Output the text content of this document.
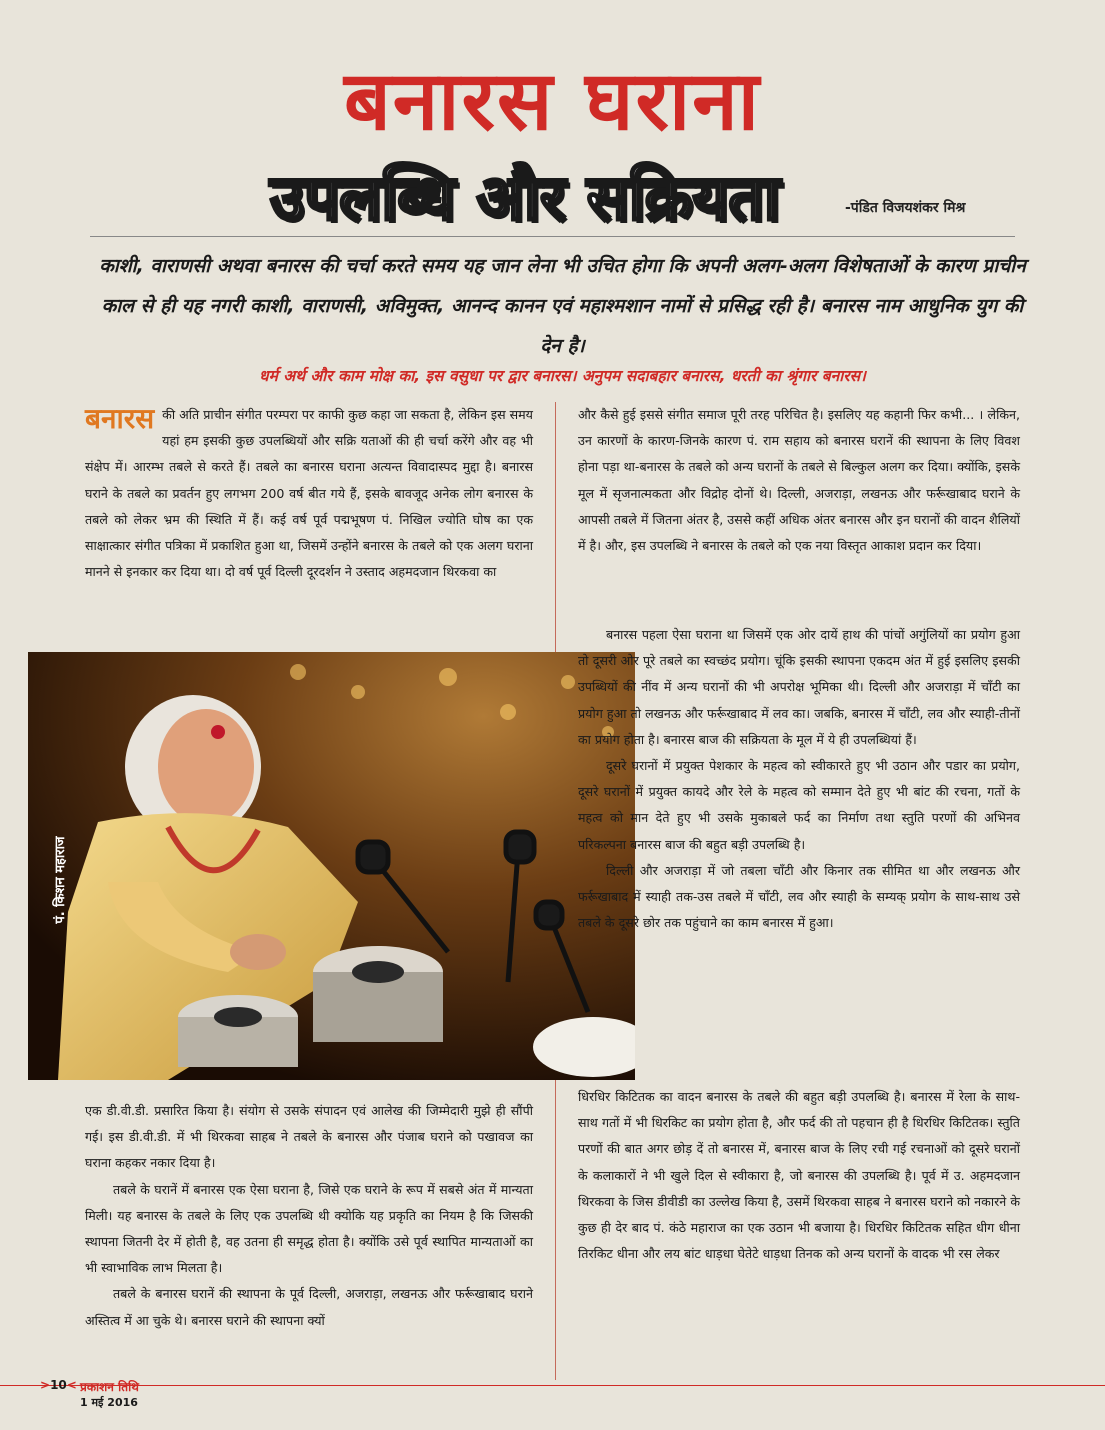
बनारस घराना
उपलब्धि और सक्रियता	-पंडित विजयशंकर मिश्र
काशी, वाराणसी अथवा बनारस की चर्चा करते समय यह जान लेना भी उचित होगा कि अपनी अलग-अलग विशेषताओं के कारण प्राचीन काल से ही यह नगरी काशी, वाराणसी, अविमुक्त, आनन्द कानन एवं महाश्मशान नामों से प्रसिद्ध रही है। बनारस नाम आधुनिक युग की देन है।
धर्म अर्थ और काम मोक्ष का, इस वसुधा पर द्वार बनारस। अनुपम सदाबहार बनारस, धरती का श्रृंगार बनारस।

बनारस की अति प्राचीन संगीत परम्परा पर काफी कुछ कहा जा सकता है, लेकिन इस समय यहां हम इसकी कुछ उपलब्धियों और सक्रि यताओं की ही चर्चा करेंगे और वह भी संक्षेप में। आरम्भ तबले से करते हैं। तबले का बनारस घराना अत्यन्त विवादास्पद मुद्दा है। बनारस घराने के तबले का प्रवर्तन हुए लगभग 200 वर्ष बीत गये हैं, इसके बावजूद अनेक लोग बनारस के तबले को लेकर भ्रम की स्थिति में हैं। कई वर्ष पूर्व पद्मभूषण पं. निखिल ज्योति घोष का एक साक्षात्कार संगीत पत्रिका में प्रकाशित हुआ था, जिसमें उन्होंने बनारस के तबले को एक अलग घराना मानने से इनकार कर दिया था। दो वर्ष पूर्व दिल्ली दूरदर्शन ने उस्ताद अहमदजान थिरकवा का

और कैसे हुई इससे संगीत समाज पूरी तरह परिचित है। इसलिए यह कहानी फिर कभी... । लेकिन, उन कारणों के कारण-जिनके कारण पं. राम सहाय को बनारस घरानें की स्थापना के लिए विवश होना पड़ा था-बनारस के तबले को अन्य घरानों के तबले से बिल्कुल अलग कर दिया। क्योंकि, इसके मूल में सृजनात्मकता और विद्रोह दोनों थे। दिल्ली, अजराड़ा, लखनऊ और फर्रूखाबाद घराने के आपसी तबले में जितना अंतर है, उससे कहीं अधिक अंतर बनारस और इन घरानों की वादन शैलियों में है। और, इस उपलब्धि ने बनारस के तबले को एक नया विस्तृत आकाश प्रदान कर दिया।

पं. किशन महाराज

बनारस पहला ऐसा घराना था जिसमें एक ओर दायें हाथ की पांचों अगुंलियों का प्रयोग हुआ तो दूसरी ओर पूरे तबले का स्वच्छंद प्रयोग। चूंकि इसकी स्थापना एकदम अंत में हुई इसलिए इसकी उपब्धियों की नींव में अन्य घरानों की भी अपरोक्ष भूमिका थी। दिल्ली और अजराड़ा में चाँटी का प्रयोग हुआ तो लखनऊ और फर्रूखाबाद में लव का। जबकि, बनारस में चाँटी, लव और स्याही-तीनों का प्रयोग होता है। बनारस बाज की सक्रियता के मूल में ये ही उपलब्धियां हैं।

दूसरे घरानों में प्रयुक्त पेशकार के महत्व को स्वीकारते हुए भी उठान और पडार का प्रयोग, दूसरे घरानों में प्रयुक्त कायदे और रेले के महत्व को सम्मान देते हुए भी बांट की रचना, गतों के महत्व को मान देते हुए भी उसके मुकाबले फर्द का निर्माण तथा स्तुति परणों की अभिनव परिकल्पना बनारस बाज की बहुत बड़ी उपलब्धि है।

दिल्ली और अजराड़ा में जो तबला चाँटी और किनार तक सीमित था और लखनऊ और फर्रूखाबाद में स्याही तक-उस तबले में चाँटी, लव और स्याही के सम्यक् प्रयोग के साथ-साथ उसे तबले के दूसरे छोर तक पहुंचाने का काम बनारस में हुआ।

एक डी.वी.डी. प्रसारित किया है। संयोग से उसके संपादन एवं आलेख की जिम्मेदारी मुझे ही सौंपी गई। इस डी.वी.डी. में भी थिरकवा साहब ने तबले के बनारस और पंजाब घराने को पखावज का घराना कहकर नकार दिया है।

तबले के घरानें में बनारस एक ऐसा घराना है, जिसे एक घराने के रूप में सबसे अंत में मान्यता मिली। यह बनारस के तबले के लिए एक उपलब्धि थी क्योकि यह प्रकृति का नियम है कि जिसकी स्थापना जितनी देर में होती है, वह उतना ही समृद्ध होता है। क्योंकि उसे पूर्व स्थापित मान्यताओं का भी स्वाभाविक लाभ मिलता है।

तबले के बनारस घरानें की स्थापना के पूर्व दिल्ली, अजराड़ा, लखनऊ और फर्रूखाबाद घराने अस्तित्व में आ चुके थे। बनारस घराने की स्थापना क्यों

धिरधिर किटितक का वादन बनारस के तबले की बहुत बड़ी उपलब्धि है। बनारस में रेला के साथ-साथ गतों में भी धिरकिट का प्रयोग होता है, और फर्द की तो पहचान ही है धिरधिर किटितक। स्तुति परणों की बात अगर छोड़ दें तो बनारस में, बनारस बाज के लिए रची गई रचनाओं को दूसरे घरानों के कलाकारों ने भी खुले दिल से स्वीकारा है, जो बनारस की उपलब्धि है। पूर्व में उ. अहमदजान थिरकवा के जिस डीवीडी का उल्लेख किया है, उसमें थिरकवा साहब ने बनारस घराने को नकारने के कुछ ही देर बाद पं. कंठे महाराज का एक उठान भी बजाया है। धिरधिर किटितक सहित धीग धीना तिरकिट धीना और लय बांट धाड़धा घेतेटे धाड़धा तिनक को अन्य घरानों के वादक भी रस लेकर

>10< प्रकाशन तिथि
1 मई 2016
